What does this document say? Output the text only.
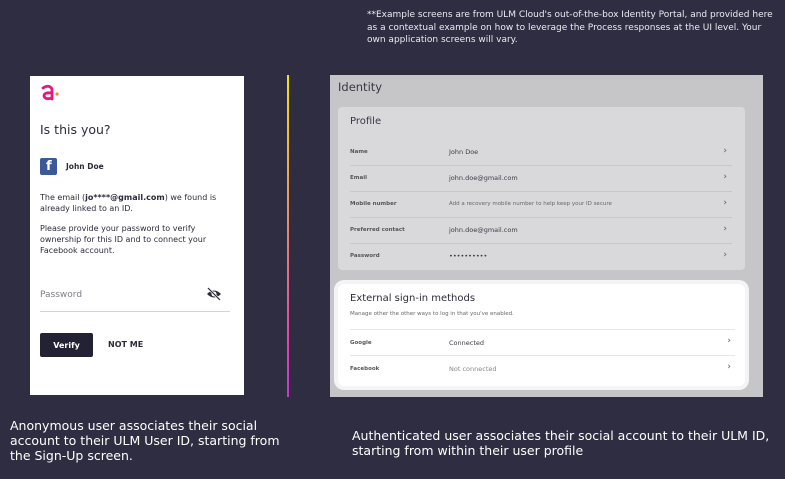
**Example screens are from ULM Cloud's out-of-the-box Identity Portal, and provided here as a contextual example on how to leverage the Process responses at the UI level. Your own application screens will vary.
Is this you?
f John Doe
The email (jo****@gmail.com) we found is already linked to an ID.
Please provide your password to verify ownership for this ID and to connect your Facebook account.
Password
Verify	NOT ME
Identity
Profile
Name	John Doe	›
Email	john.doe@gmail.com	›
Mobile number	Add a recovery mobile number to help keep your ID secure	›
Preferred contact	john.doe@gmail.com	›
Password	••••••••••	›
External sign-in methods
Manage other the other ways to log in that you've enabled.
Google	Connected	›
Facebook	Not connected	›
Anonymous user associates their social account to their ULM User ID, starting from the Sign-Up screen.
Authenticated user associates their social account to their ULM ID, starting from within their user profile
